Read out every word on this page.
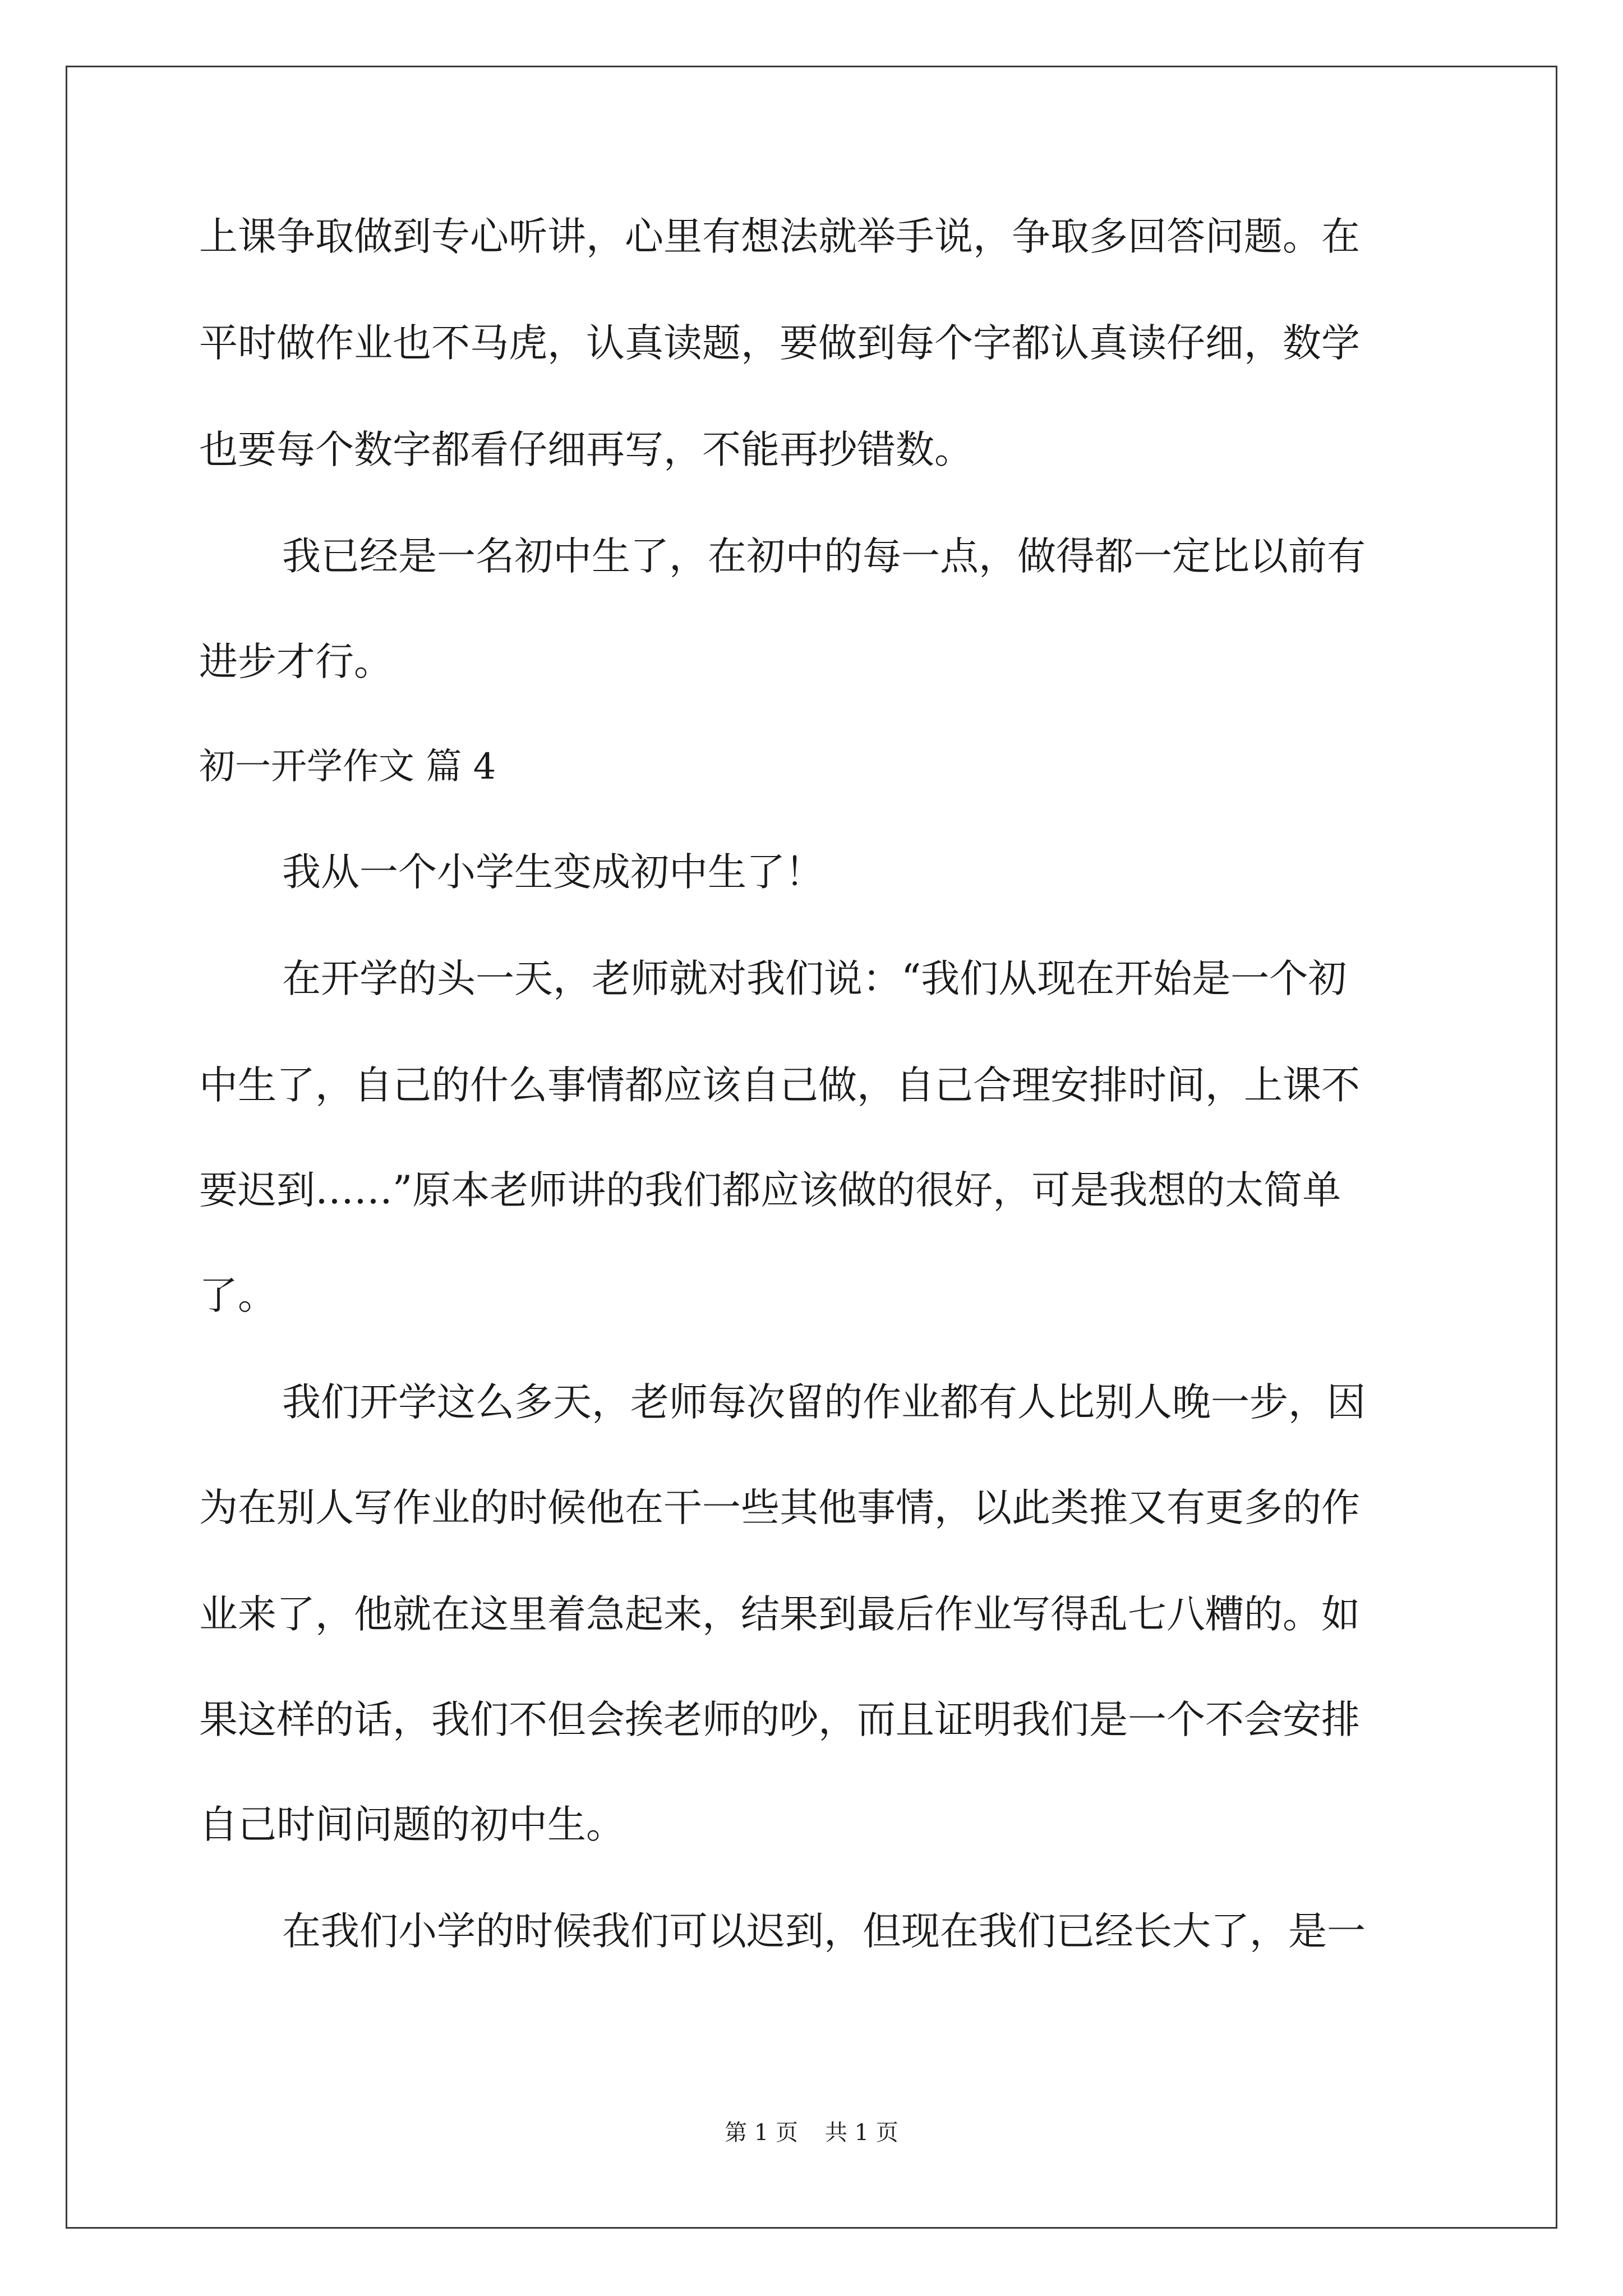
上课争取做到专心听讲，心里有想法就举手说，争取多回答问题。在
平时做作业也不马虎，认真读题，要做到每个字都认真读仔细，数学
也要每个数字都看仔细再写，不能再抄错数。
我已经是一名初中生了，在初中的每一点，做得都一定比以前有
进步才行。
初一开学作文 篇 4
我从一个小学生变成初中生了！
在开学的头一天，老师就对我们说：“我们从现在开始是一个初
中生了，自己的什么事情都应该自己做，自己合理安排时间，上课不
要迟到……”原本老师讲的我们都应该做的很好，可是我想的太简单
了。
我们开学这么多天，老师每次留的作业都有人比别人晚一步，因
为在别人写作业的时候他在干一些其他事情，以此类推又有更多的作
业来了，他就在这里着急起来，结果到最后作业写得乱七八糟的。如
果这样的话，我们不但会挨老师的吵，而且证明我们是一个不会安排
自己时间问题的初中生。
在我们小学的时候我们可以迟到，但现在我们已经长大了，是一
第 1 页 共 1 页
